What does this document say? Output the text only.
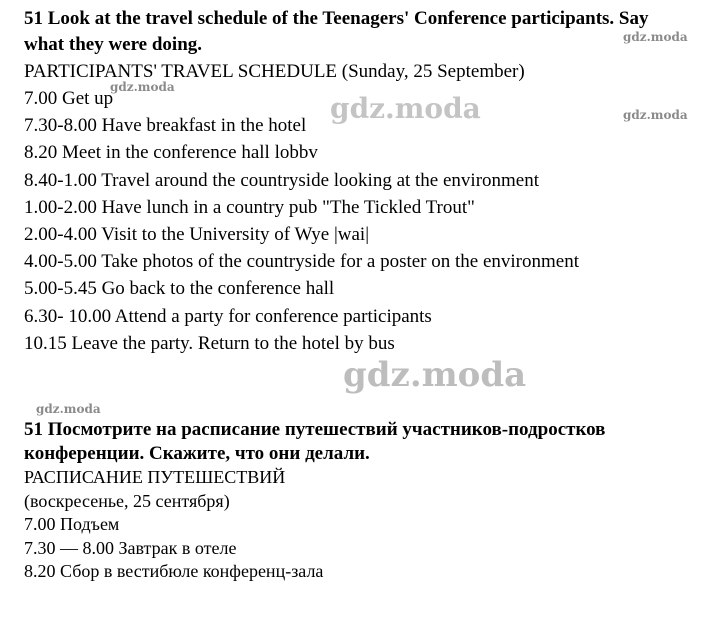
51 Look at the travel schedule of the Teenagers' Conference participants. Say
what they were doing.

PARTICIPANTS' TRAVEL SCHEDULE (Sunday, 25 September)

7.00 Get up
7.30-8.00 Have breakfast in the hotel
8.20 Meet in the conference hall lobbv
8.40-1.00 Travel around the countryside looking at the environment
1.00-2.00 Have lunch in a country pub "The Tickled Trout"
2.00-4.00 Visit to the University of Wye |wai|
4.00-5.00 Take photos of the countryside for a poster on the environment
5.00-5.45 Go back to the conference hall
6.30- 10.00 Attend a party for conference participants
10.15 Leave the party. Return to the hotel by bus

51 Посмотрите на расписание путешествий участников-подростков
конференции. Скажите, что они делали.

РАСПИСАНИЕ ПУТЕШЕСТВИЙ
(воскресенье, 25 сентября)

7.00 Подъем
7.30 — 8.00 Завтрак в отеле
8.20 Сбор в вестибюле конференц-зала
gdz.moda
gdz.moda
gdz.moda
gdz.moda
gdz.moda
gdz.moda
